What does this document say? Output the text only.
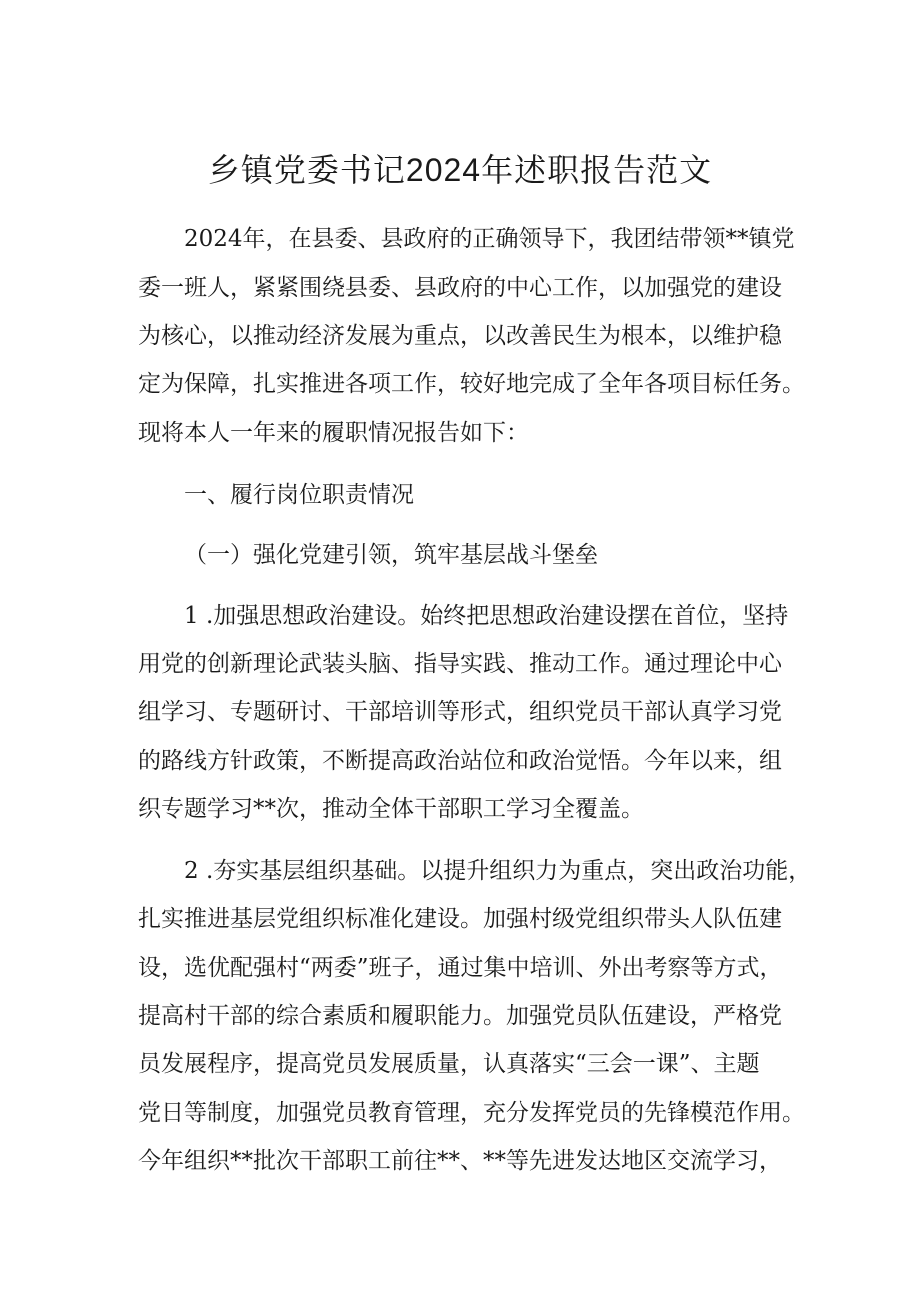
乡镇党委书记2024年述职报告范文

2024年，在县委、县政府的正确领导下，我团结带领**镇党

委一班人，紧紧围绕县委、县政府的中心工作，以加强党的建设

为核心，以推动经济发展为重点，以改善民生为根本，以维护稳

定为保障，扎实推进各项工作，较好地完成了全年各项目标任务。

现将本人一年来的履职情况报告如下：

一、履行岗位职责情况

（一）强化党建引领，筑牢基层战斗堡垒

1 .加强思想政治建设。始终把思想政治建设摆在首位，坚持

用党的创新理论武装头脑、指导实践、推动工作。通过理论中心

组学习、专题研讨、干部培训等形式，组织党员干部认真学习党

的路线方针政策，不断提高政治站位和政治觉悟。今年以来，组

织专题学习**次，推动全体干部职工学习全覆盖。

2 .夯实基层组织基础。以提升组织力为重点，突出政治功能，

扎实推进基层党组织标准化建设。加强村级党组织带头人队伍建

设，选优配强村“两委”班子，通过集中培训、外出考察等方式，

提高村干部的综合素质和履职能力。加强党员队伍建设，严格党

员发展程序，提高党员发展质量，认真落实“三会一课”、主题

党日等制度，加强党员教育管理，充分发挥党员的先锋模范作用。

今年组织**批次干部职工前往**、**等先进发达地区交流学习，
